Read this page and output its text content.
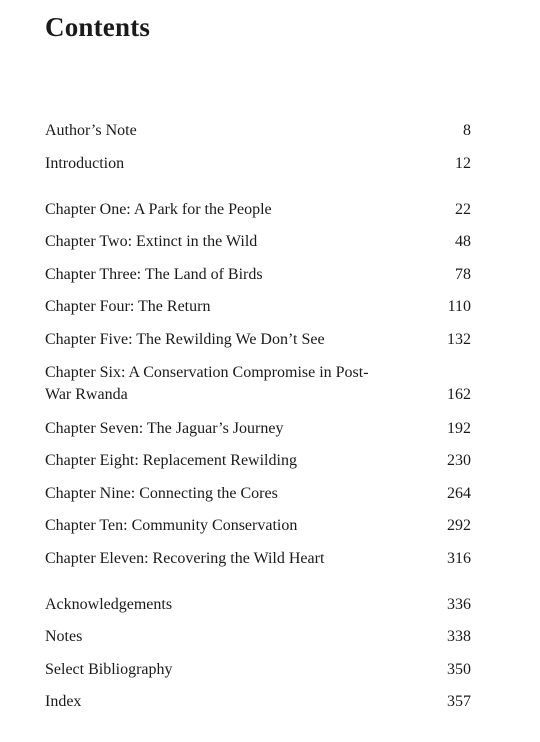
Contents
Author’s Note	8
Introduction	12
Chapter One: A Park for the People	22
Chapter Two: Extinct in the Wild	48
Chapter Three: The Land of Birds	78
Chapter Four: The Return	110
Chapter Five: The Rewilding We Don’t See	132
Chapter Six: A Conservation Compromise in Post-War Rwanda	162
Chapter Seven: The Jaguar’s Journey	192
Chapter Eight: Replacement Rewilding	230
Chapter Nine: Connecting the Cores	264
Chapter Ten: Community Conservation	292
Chapter Eleven: Recovering the Wild Heart	316
Acknowledgements	336
Notes	338
Select Bibliography	350
Index	357
